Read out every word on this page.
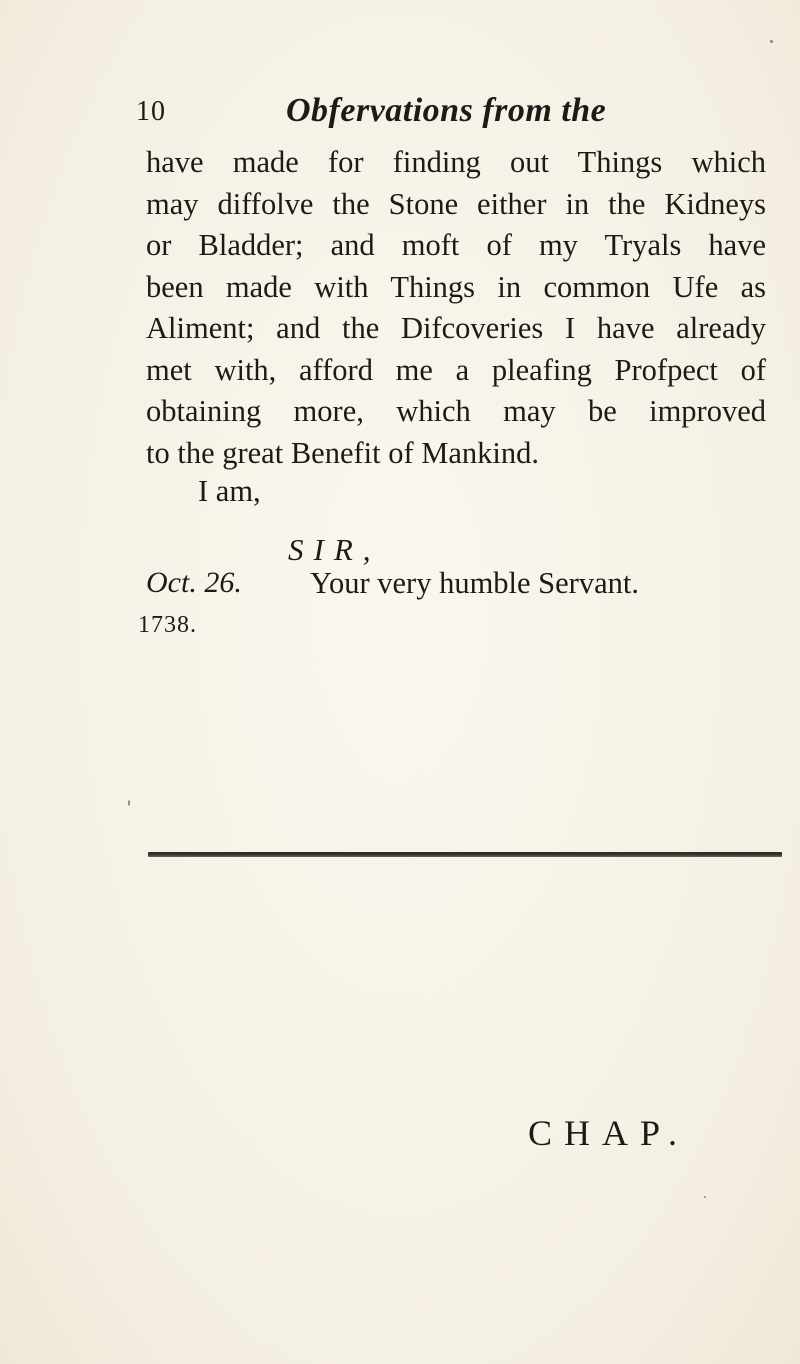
10	Obfervations from the
have made for finding out Things which
may diffolve the Stone either in the Kidneys
or Bladder; and moft of my Tryals have
been made with Things in common Ufe as
Aliment; and the Difcoveries I have already
met with, afford me a pleafing Profpect of
obtaining more, which may be improved
to the great Benefit of Mankind.
I am,
SIR,
Oct. 26. Your very humble Servant.
1738.
CHAP.
